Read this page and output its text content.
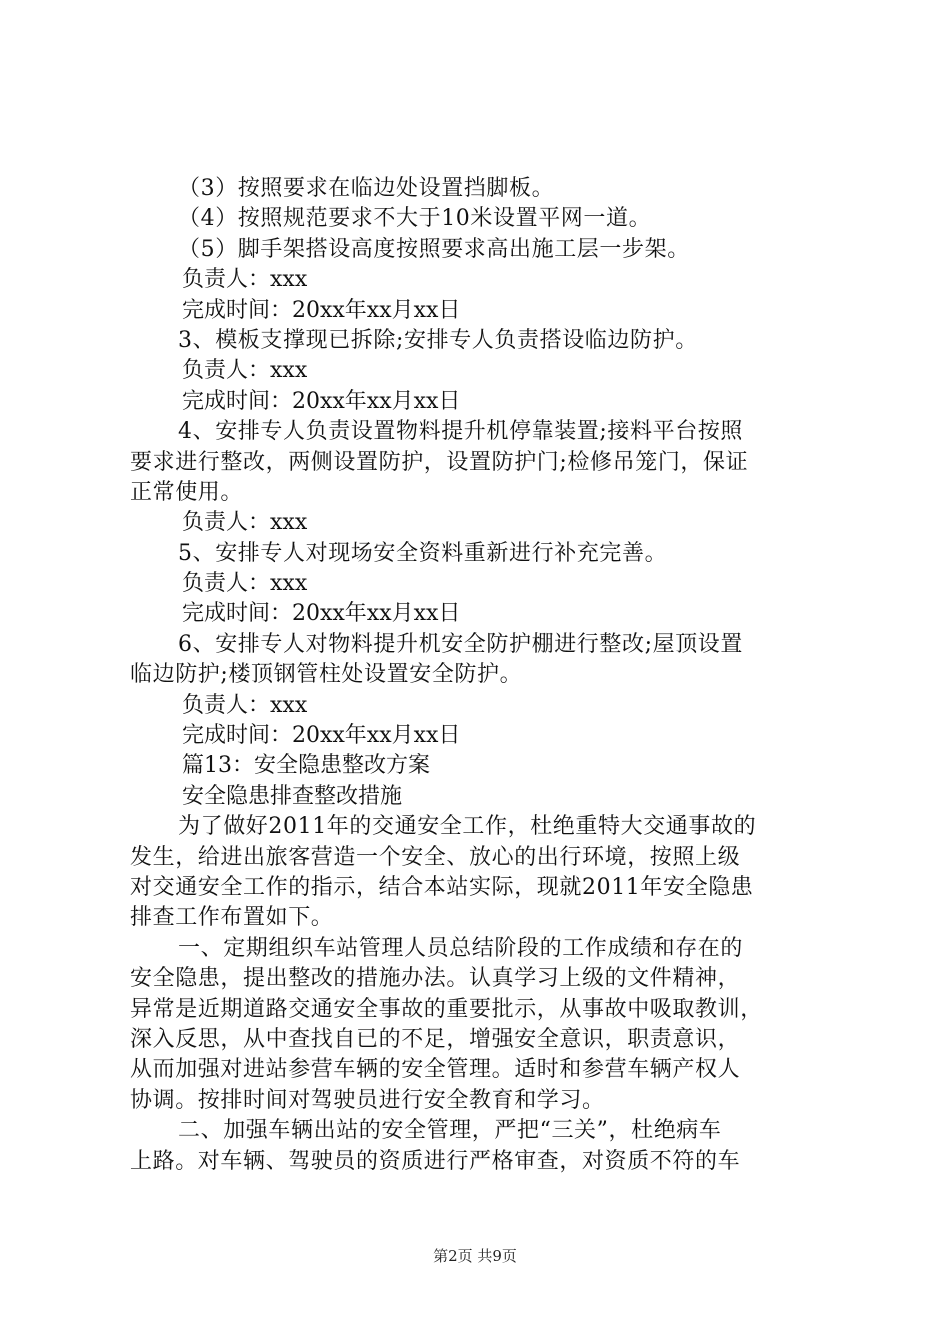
（3）按照要求在临边处设置挡脚板。
（4）按照规范要求不大于10米设置平网一道。
（5）脚手架搭设高度按照要求高出施工层一步架。
负责人：xxx
完成时间：20xx年xx月xx日
3、模板支撑现已拆除;安排专人负责搭设临边防护。
负责人：xxx
完成时间：20xx年xx月xx日
4、安排专人负责设置物料提升机停靠装置;接料平台按照
要求进行整改，两侧设置防护，设置防护门;检修吊笼门，保证
正常使用。
负责人：xxx
5、安排专人对现场安全资料重新进行补充完善。
负责人：xxx
完成时间：20xx年xx月xx日
6、安排专人对物料提升机安全防护棚进行整改;屋顶设置
临边防护;楼顶钢管柱处设置安全防护。
负责人：xxx
完成时间：20xx年xx月xx日
篇13：安全隐患整改方案
安全隐患排查整改措施
为了做好2011年的交通安全工作，杜绝重特大交通事故的
发生，给进出旅客营造一个安全、放心的出行环境，按照上级
对交通安全工作的指示，结合本站实际，现就2011年安全隐患
排查工作布置如下。
一、定期组织车站管理人员总结阶段的工作成绩和存在的
安全隐患，提出整改的措施办法。认真学习上级的文件精神，
异常是近期道路交通安全事故的重要批示，从事故中吸取教训，
深入反思，从中查找自已的不足，增强安全意识，职责意识，
从而加强对进站参营车辆的安全管理。适时和参营车辆产权人
协调。按排时间对驾驶员进行安全教育和学习。
二、加强车辆出站的安全管理，严把“三关”，杜绝病车
上路。对车辆、驾驶员的资质进行严格审查，对资质不符的车
第2页 共9页
